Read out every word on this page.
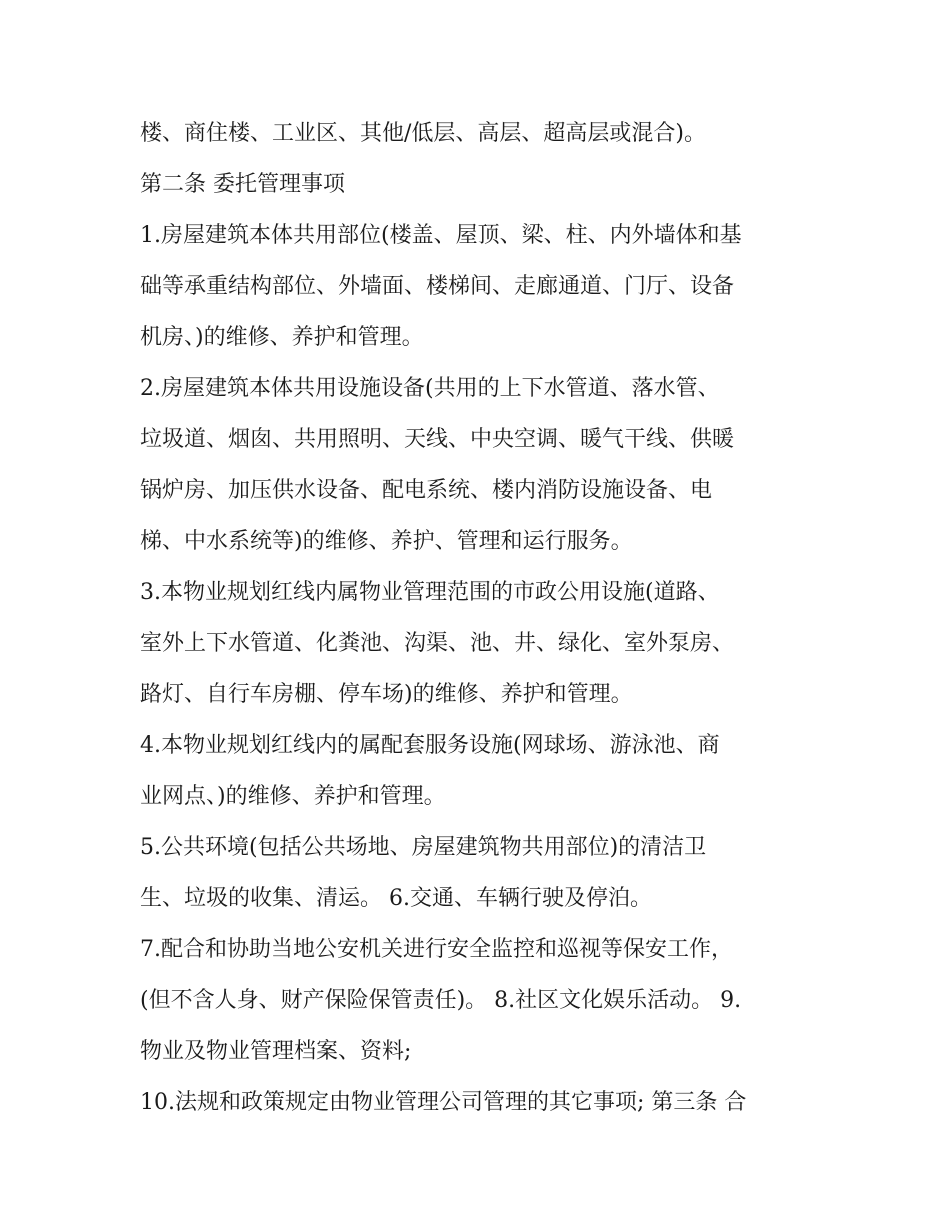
楼、商住楼、工业区、其他/低层、高层、超高层或混合)。
第二条 委托管理事项
1.房屋建筑本体共用部位(楼盖、屋顶、梁、柱、内外墙体和基
础等承重结构部位、外墙面、楼梯间、走廊通道、门厅、设备
机房、)的维修、养护和管理。
2.房屋建筑本体共用设施设备(共用的上下水管道、落水管、
垃圾道、烟囱、共用照明、天线、中央空调、暖气干线、供暖
锅炉房、加压供水设备、配电系统、楼内消防设施设备、电
梯、中水系统等)的维修、养护、管理和运行服务。
3.本物业规划红线内属物业管理范围的市政公用设施(道路、
室外上下水管道、化粪池、沟渠、池、井、绿化、室外泵房、
路灯、自行车房棚、停车场)的维修、养护和管理。
4.本物业规划红线内的属配套服务设施(网球场、游泳池、商
业网点、)的维修、养护和管理。
5.公共环境(包括公共场地、房屋建筑物共用部位)的清洁卫
生、垃圾的收集、清运。 6.交通、车辆行驶及停泊。
7.配合和协助当地公安机关进行安全监控和巡视等保安工作，
(但不含人身、财产保险保管责任)。 8.社区文化娱乐活动。 9.
物业及物业管理档案、资料;
10.法规和政策规定由物业管理公司管理的其它事项; 第三条 合
